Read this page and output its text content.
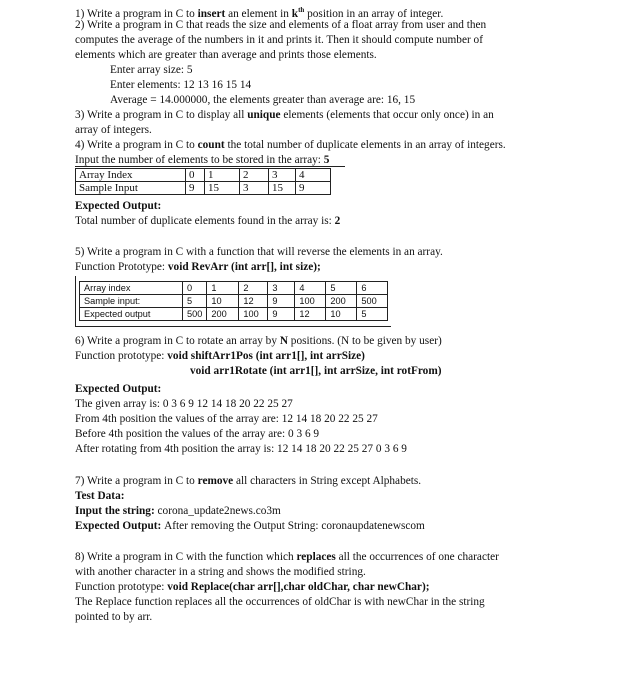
1) Write a program in C to insert an element in $k^{th}$ position in an array of integer.
2) Write a program in C that reads the size and elements of a float array from user and then
computes the average of the numbers in it and prints it. Then it should compute number of
elements which are greater than average and prints those elements.
Enter array size: 5
Enter elements: 12 13 16 15 14
Average = 14.000000, the elements greater than average are: 16, 15
3) Write a program in C to display all unique elements (elements that occur only once) in an
array of integers.
4) Write a program in C to count the total number of duplicate elements in an array of integers.
Input the number of elements to be stored in the array: 5
Array Index	0	1	2	3	4
Sample Input	9	15	3	15	9
Expected Output:
Total number of duplicate elements found in the array is: 2
5) Write a program in C with a function that will reverse the elements in an array.
Function Prototype: void RevArr (int arr[], int size);
Array index	0	1	2	3	4	5	6
Sample input:	5	10	12	9	100	200	500
Expected output	500	200	100	9	12	10	5
6) Write a program in C to rotate an array by N positions. (N to be given by user)
Function prototype: void shiftArr1Pos (int arr1[], int arrSize)
void arr1Rotate (int arr1[], int arrSize, int rotFrom)
Expected Output:
The given array is: 0 3 6 9 12 14 18 20 22 25 27
From 4th position the values of the array are: 12 14 18 20 22 25 27
Before 4th position the values of the array are: 0 3 6 9
After rotating from 4th position the array is: 12 14 18 20 22 25 27 0 3 6 9
7) Write a program in C to remove all characters in String except Alphabets.
Test Data:
Input the string: corona_update2news.co3m
Expected Output: After removing the Output String: coronaupdatenewscom
8) Write a program in C with the function which replaces all the occurrences of one character
with another character in a string and shows the modified string.
Function prototype: void Replace(char arr[],char oldChar, char newChar);
The Replace function replaces all the occurrences of oldChar is with newChar in the string
pointed to by arr.
